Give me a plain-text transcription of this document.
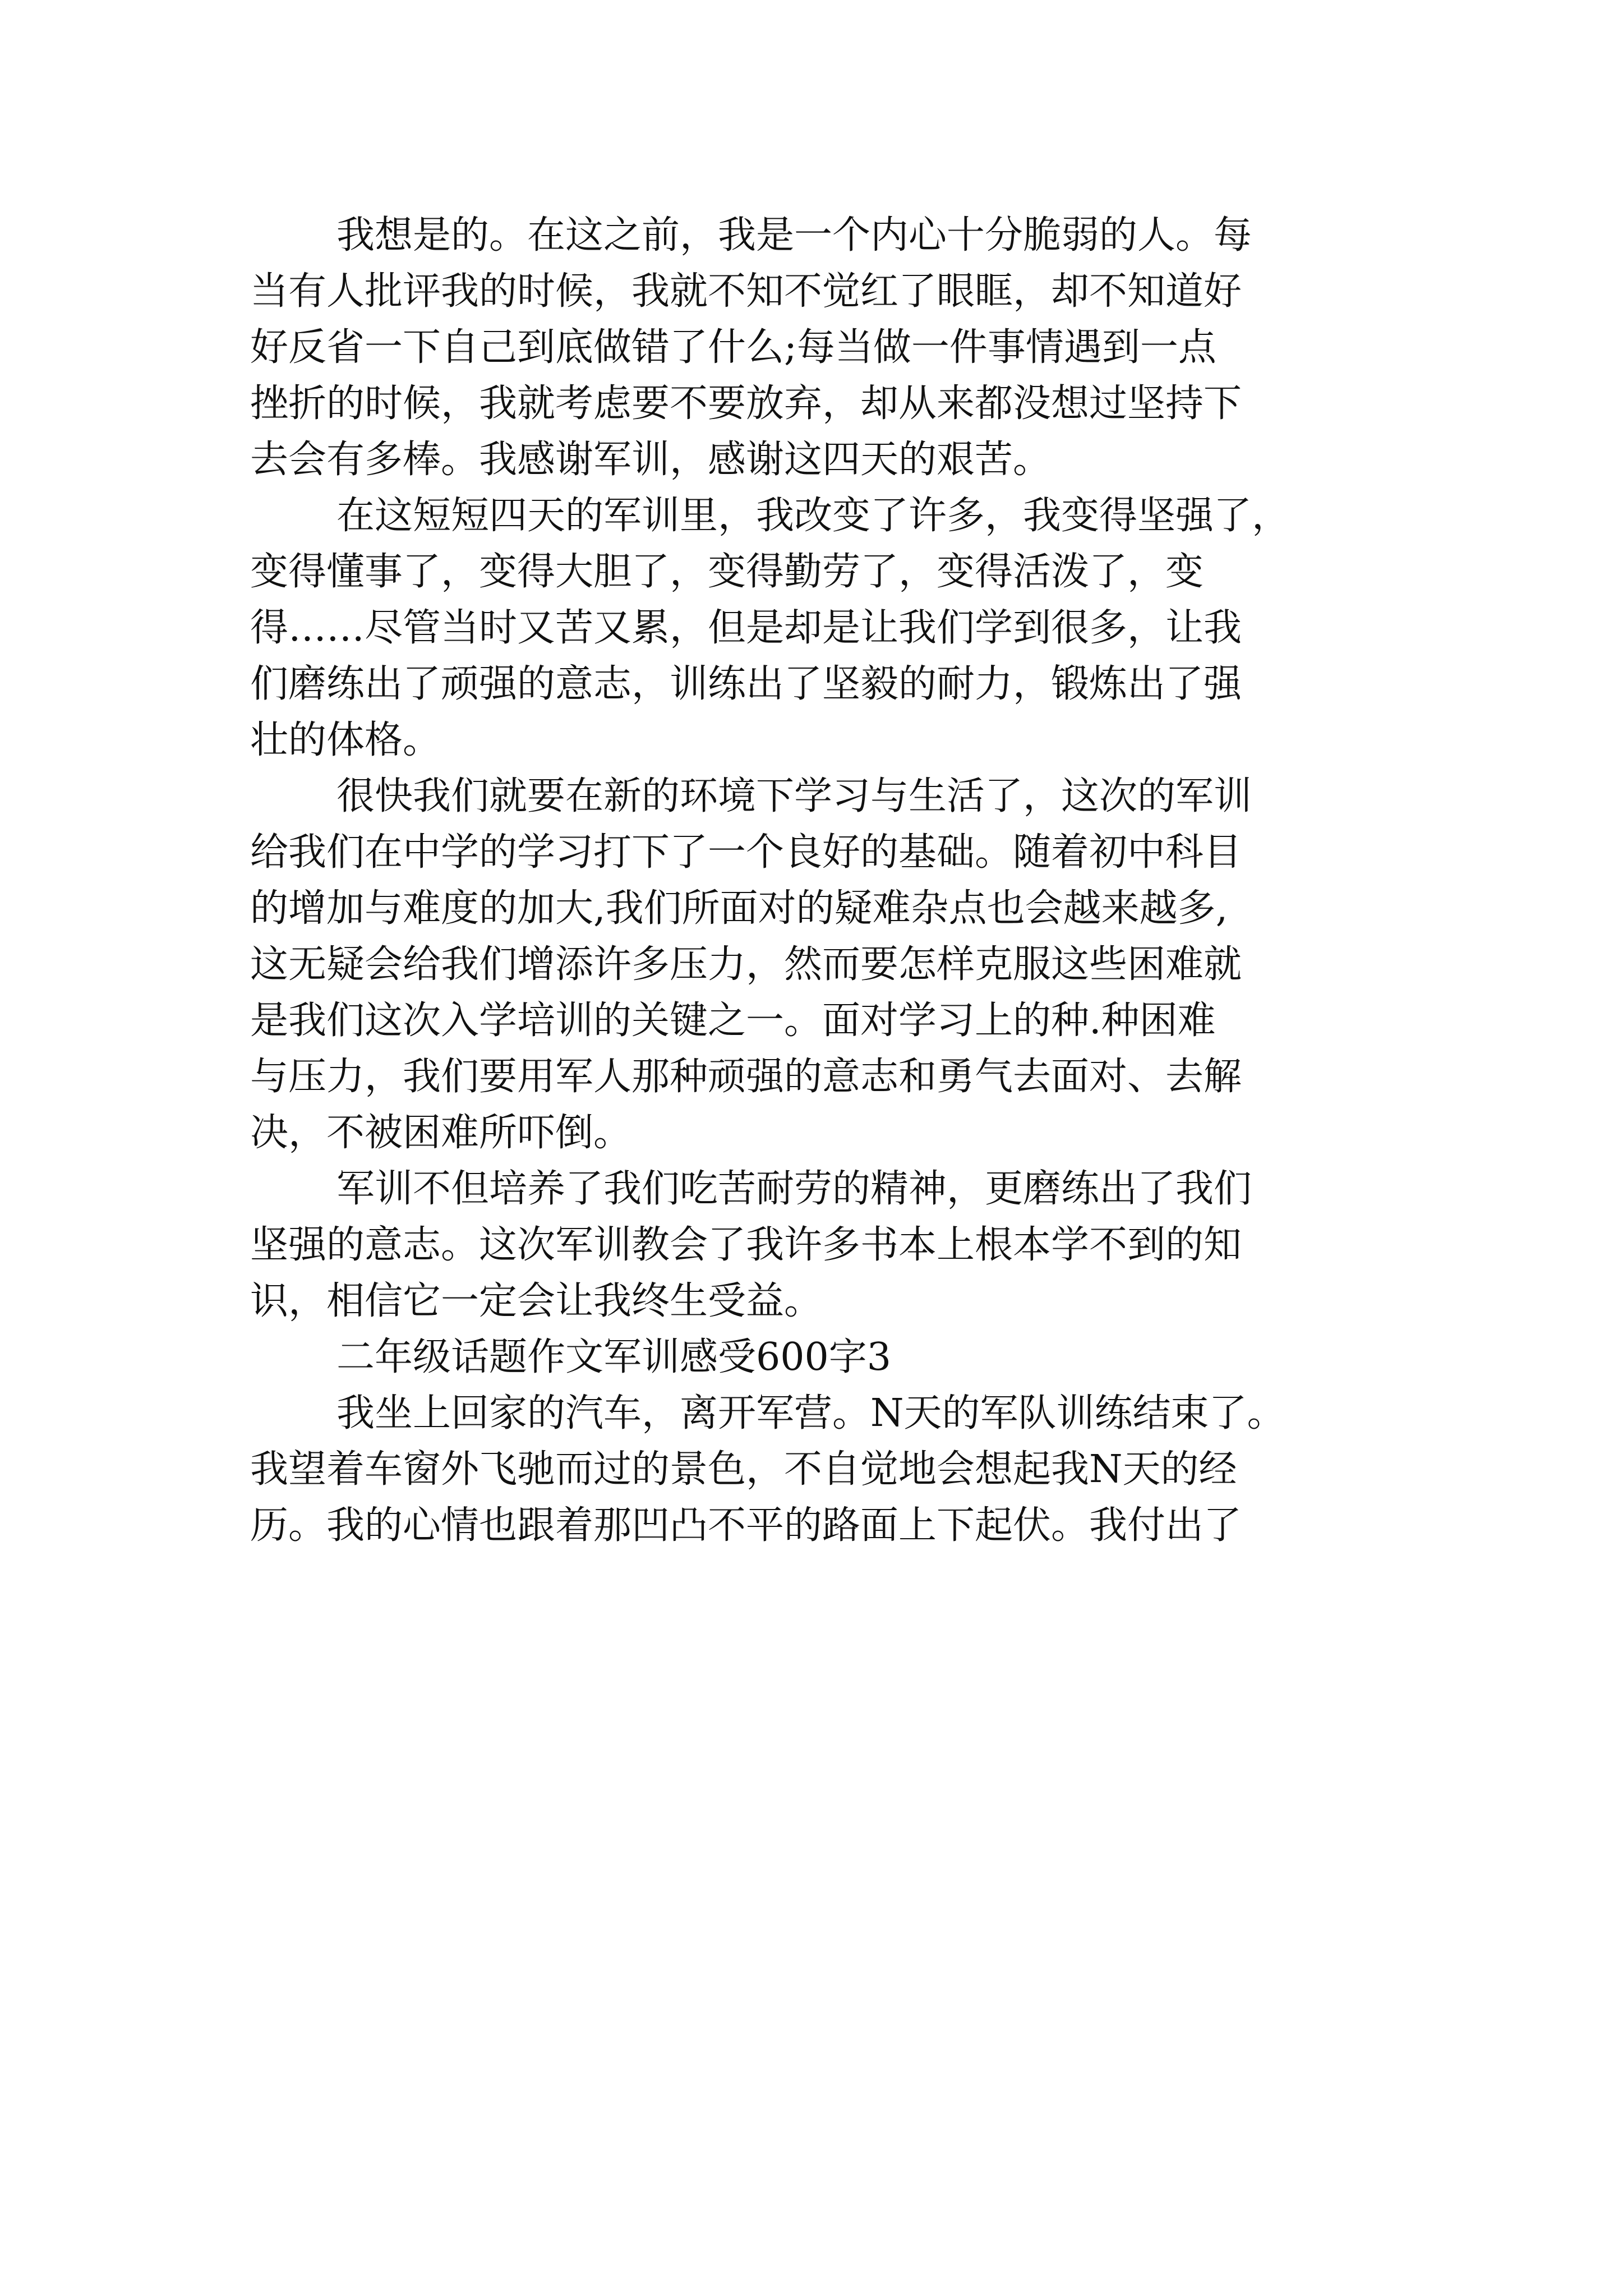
我想是的。在这之前，我是一个内心十分脆弱的人。每
当有人批评我的时候，我就不知不觉红了眼眶，却不知道好
好反省一下自己到底做错了什么;每当做一件事情遇到一点
挫折的时候，我就考虑要不要放弃，却从来都没想过坚持下
去会有多棒。我感谢军训，感谢这四天的艰苦。
在这短短四天的军训里，我改变了许多，我变得坚强了，
变得懂事了，变得大胆了，变得勤劳了，变得活泼了，变
得……尽管当时又苦又累，但是却是让我们学到很多，让我
们磨练出了顽强的意志，训练出了坚毅的耐力，锻炼出了强
壮的体格。
很快我们就要在新的环境下学习与生活了，这次的军训
给我们在中学的学习打下了一个良好的基础。随着初中科目
的增加与难度的加大,我们所面对的疑难杂点也会越来越多,
这无疑会给我们增添许多压力，然而要怎样克服这些困难就
是我们这次入学培训的关键之一。面对学习上的种.种困难
与压力，我们要用军人那种顽强的意志和勇气去面对、去解
决，不被困难所吓倒。
军训不但培养了我们吃苦耐劳的精神，更磨练出了我们
坚强的意志。这次军训教会了我许多书本上根本学不到的知
识，相信它一定会让我终生受益。
二年级话题作文军训感受600字3
我坐上回家的汽车，离开军营。N天的军队训练结束了。
我望着车窗外飞驰而过的景色，不自觉地会想起我N天的经
历。我的心情也跟着那凹凸不平的路面上下起伏。我付出了
